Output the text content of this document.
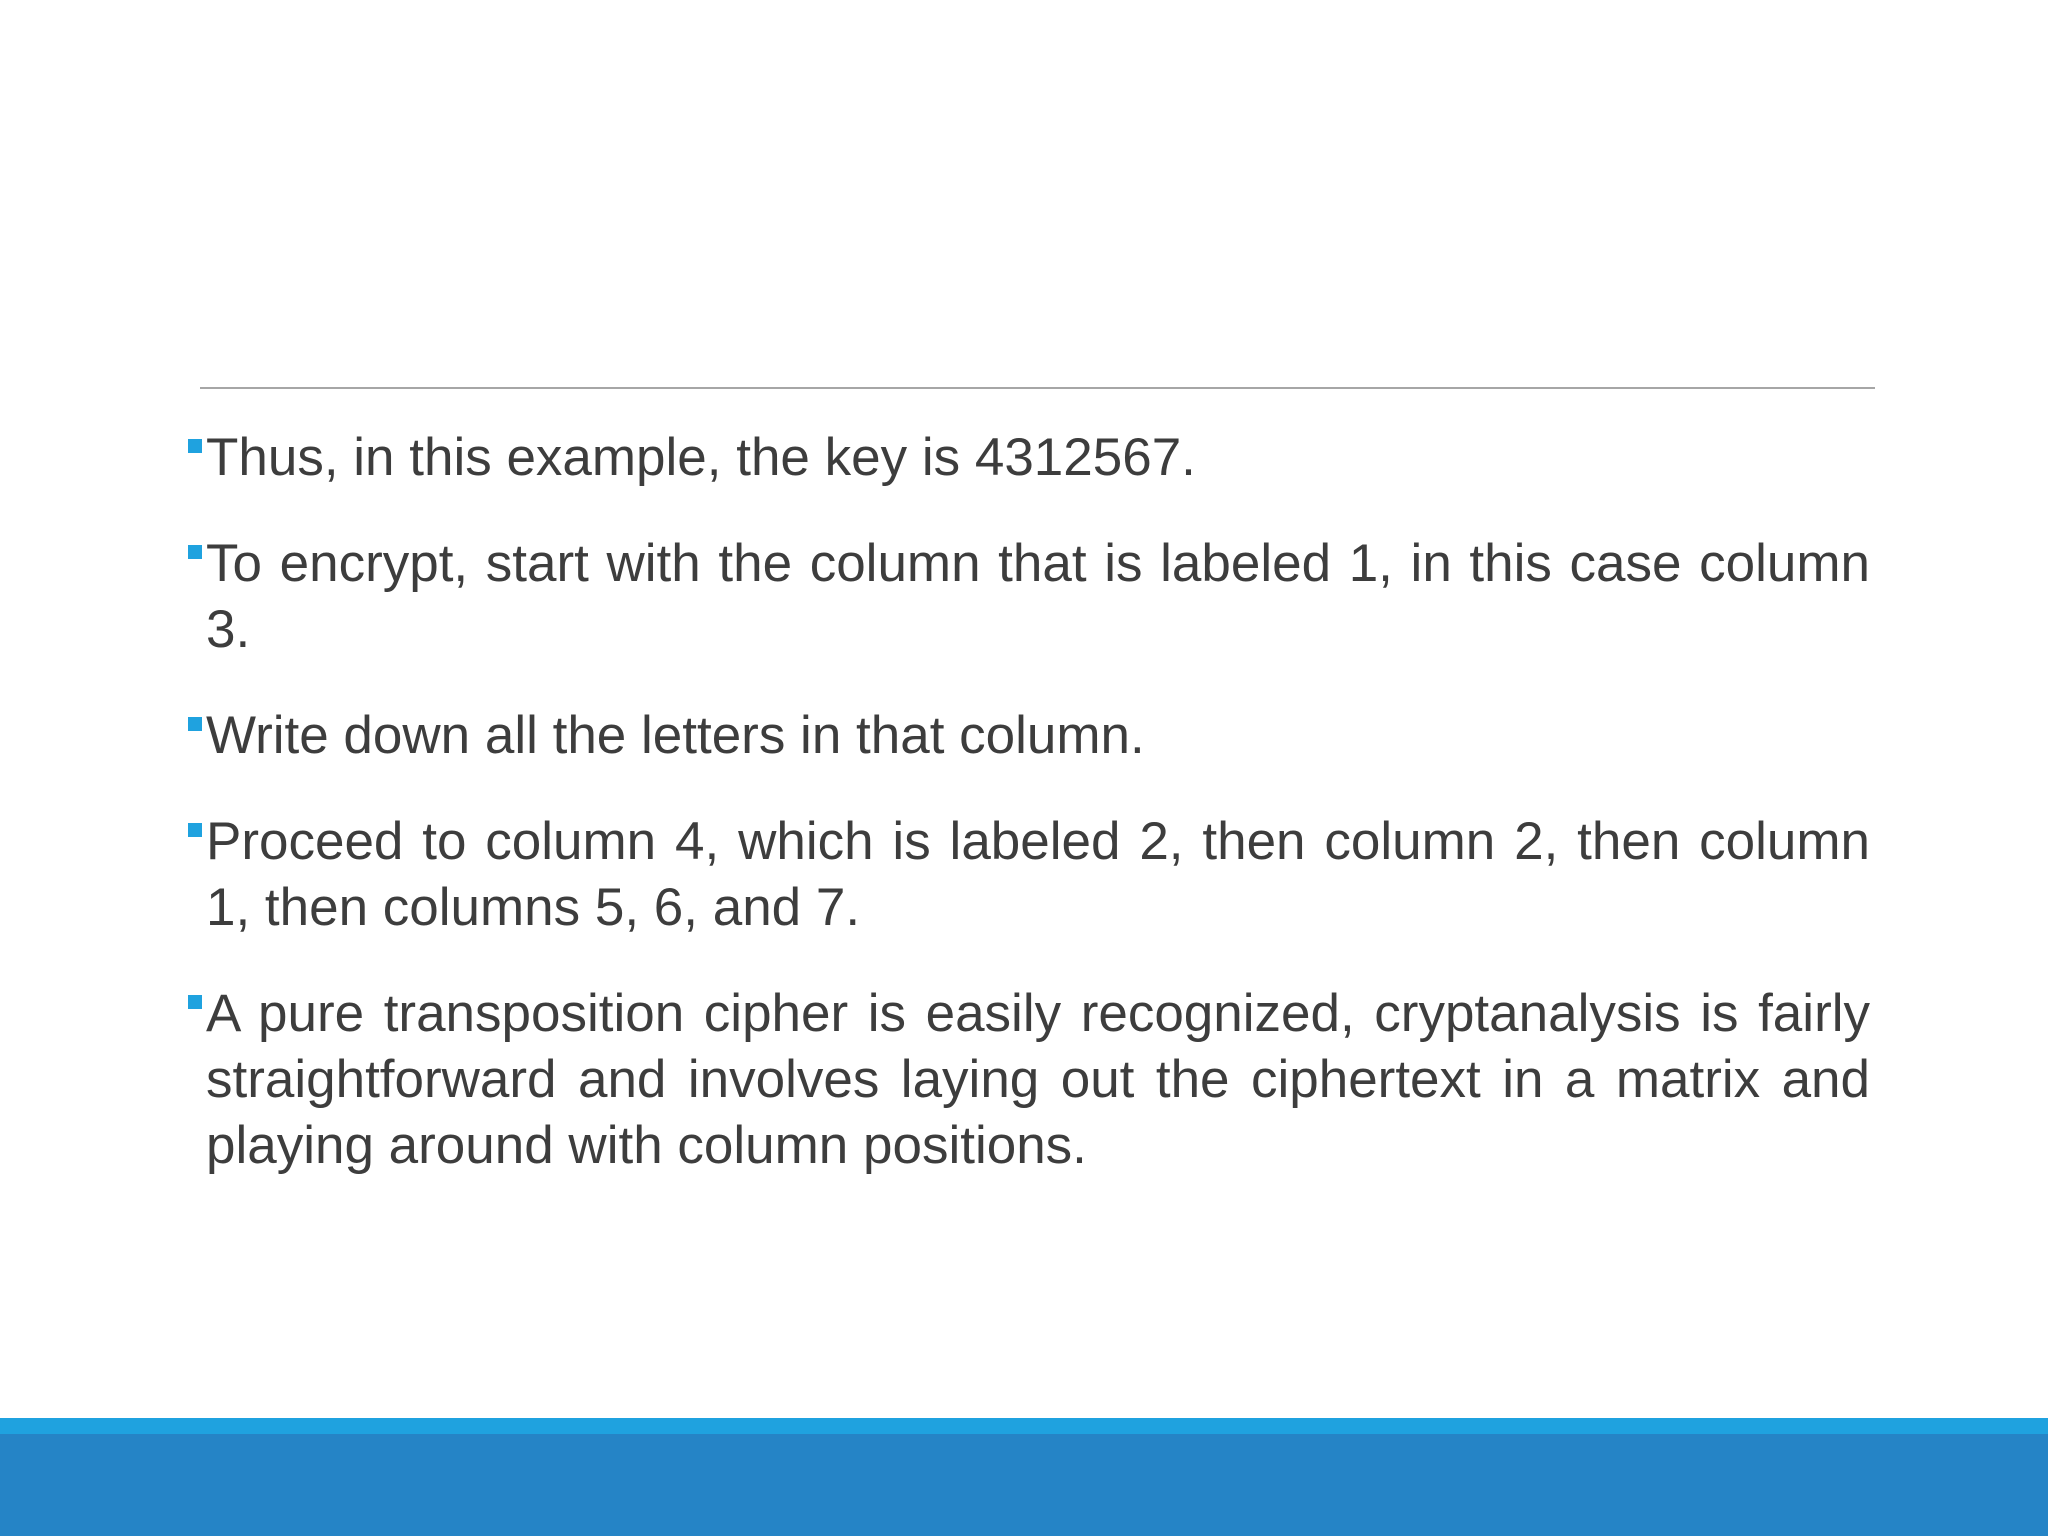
Thus, in this example, the key is 4312567.
To encrypt, start with the column that is labeled 1, in this case column 3.
Write down all the letters in that column.
Proceed to column 4, which is labeled 2, then column 2, then column 1, then columns 5, 6, and 7.
A pure transposition cipher is easily recognized, cryptanalysis is fairly straightforward and involves laying out the ciphertext in a matrix and playing around with column positions.
